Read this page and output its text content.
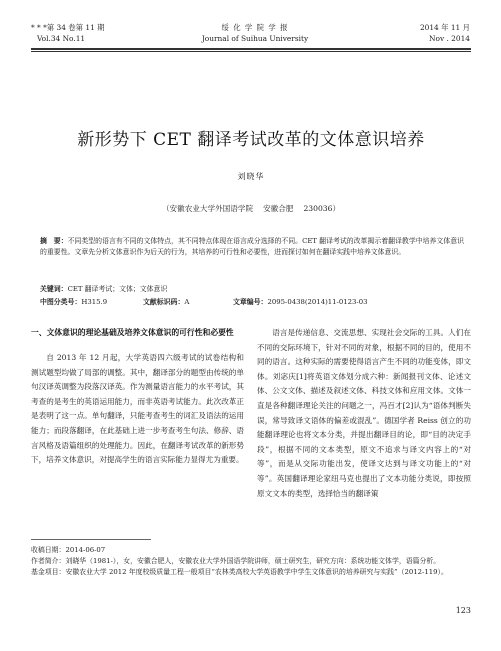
* * *第 34 卷第 11 期
Vol.34 No.11
绥 化 学 院 学 报
Journal of Suihua University
2014 年 11 月
Nov . 2014
新形势下 CET 翻译考试改革的文体意识培养
刘晓华
（安徽农业大学外国语学院　 安徽合肥　 230036）
摘　要：不同类型的语言有不同的文体特点，其不同特点体现在语言成分选择的不同。CET 翻译考试的改革揭示着翻译教学中培养文体意识的重要性。文章先分析文体意识作为后天的行为，其培养的可行性和必要性，进而探讨如何在翻译实践中培养文体意识。
关键词：CET 翻译考试；文体；文体意识
中图分类号：H315.9	文献标识码：A	文章编号：2095-0438(2014)11-0123-03
一、文体意识的理论基础及培养文体意识的可行性和必要性

自 2013 年 12 月起，大学英语四六级考试的试卷结构和测试题型均做了局部的调整。其中，翻译部分的题型由传统的单句汉译英调整为段落汉译英。作为测量语言能力的水平考试，其考查的是考生的英语运用能力，而非英语考试能力。此次改革正是表明了这一点。单句翻译，只能考查考生的词汇及语法的运用能力；而段落翻译，在此基础上进一步考查考生句法、修辞、语言风格及语篇组织的处理能力。因此，在翻译考试改革的新形势下，培养文体意识，对提高学生的语言实际能力显得尤为重要。

语言是传递信息、交流思想、实现社会交际的工具。人们在不同的交际环境下，针对不同的对象，根据不同的目的，使用不同的语言。这种实际的需要使得语言产生不同的功能变体，即文体。刘宓庆[1]将英语文体划分成六种：新闻报刊文体、论述文体、公文文体、描述及叙述文体、科技文体和应用文体。文体一直是各种翻译理论关注的问题之一，冯百才[2]认为“语体判断失误，常导致译文语体的偏差或混乱”。德国学者 Reiss 创立的功能翻译理论也将文本分类，并提出翻译目的论，即“目的决定手段”，根据不同的文本类型，原文不追求与译文内容上的“对等”，而是从交际功能出发，使译文达到与译文功能上的“对等”。英国翻译理论家纽马克也提出了文本功能分类说，即按照原文文本的类型，选择恰当的翻译策

收稿日期：2014-06-07
作者简介：刘晓华（1981-），女，安徽合肥人，安徽农业大学外国语学院讲师，硕士研究生，研究方向：系统功能文体学，语篇分析。
基金项目：安徽农业大学 2012 年度校级质量工程一般项目“农林类高校大学英语教学中学生文体意识的培养研究与实践”（2012-119）。
123
